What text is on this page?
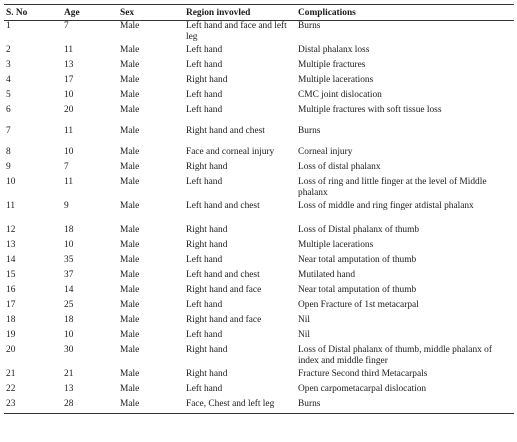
S. No	Age	Sex	Region invovled	Complications
1	7	Male	Left hand and face and left leg	Burns
2	11	Male	Left hand	Distal phalanx loss
3	13	Male	Left hand	Multiple fractures
4	17	Male	Right hand	Multiple lacerations
5	10	Male	Left hand	CMC joint dislocation
6	20	Male	Left hand	Multiple fractures with soft tissue loss
7	11	Male	Right hand and chest	Burns
8	10	Male	Face and corneal injury	Corneal injury
9	7	Male	Right hand	Loss of distal phalanx
10	11	Male	Left hand	Loss of ring and little finger at the level of Middle phalanx
11	9	Male	Left hand and chest	Loss of middle and ring finger atdistal phalanx
12	18	Male	Right hand	Loss of Distal phalanx of thumb
13	10	Male	Right hand	Multiple lacerations
14	35	Male	Left hand	Near total amputation of thumb
15	37	Male	Left hand and chest	Mutilated hand
16	14	Male	Right hand and face	Near total amputation of thumb
17	25	Male	Left hand	Open Fracture of 1st metacarpal
18	18	Male	Right hand and face	Nil
19	10	Male	Left hand	Nil
20	30	Male	Right hand	Loss of Distal phalanx of thumb, middle phalanx of index and middle finger
21	21	Male	Right hand	Fracture Second third Metacarpals
22	13	Male	Left hand	Open carpometacarpal dislocation
23	28	Male	Face, Chest and left leg	Burns
